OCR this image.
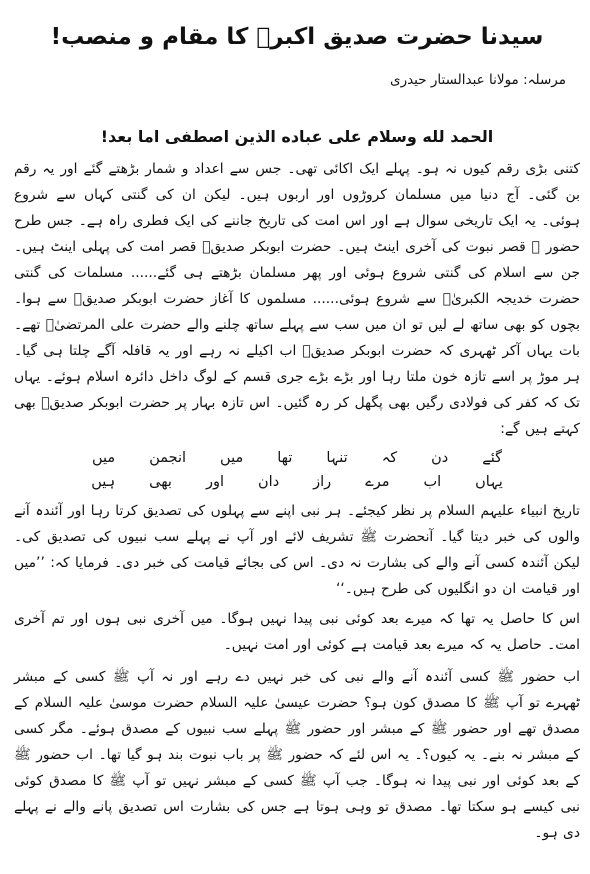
سیدنا حضرت صدیق اکبرؓ کا مقام و منصب!
مرسلہ: مولانا عبدالستار حیدری
الحمد لله وسلام على عباده الذين اصطفى اما بعد!

کتنی بڑی رقم کیوں نہ ہو۔ پہلے ایک اکائی تھی۔ جس سے اعداد و شمار بڑھتے گئے اور یہ رقم بن گئی۔ آج دنیا میں مسلمان کروڑوں اور اربوں ہیں۔ لیکن ان کی گنتی کہاں سے شروع ہوئی۔ یہ ایک تاریخی سوال ہے اور اس امت کی تاریخ جاننے کی ایک فطری راہ ہے۔ جس طرح حضور ﷺ قصر نبوت کی آخری اینٹ ہیں۔ حضرت ابوبکر صدیقؓ قصر امت کی پہلی اینٹ ہیں۔ جن سے اسلام کی گنتی شروع ہوئی اور پھر مسلمان بڑھتے ہی گئے...... مسلمات کی گنتی حضرت خدیجہ الکبریٰؓ سے شروع ہوئی...... مسلموں کا آغاز حضرت ابوبکر صدیقؓ سے ہوا۔ بچوں کو بھی ساتھ لے لیں تو ان میں سب سے پہلے ساتھ چلنے والے حضرت علی المرتضیٰؓ تھے۔ بات یہاں آکر ٹھہری کہ حضرت ابوبکر صدیقؓ اب اکیلے نہ رہے اور یہ قافلہ آگے چلتا ہی گیا۔ ہر موڑ پر اسے تازہ خون ملتا رہا اور بڑے بڑے جری قسم کے لوگ داخل دائرہ اسلام ہوئے۔ یہاں تک کہ کفر کی فولادی رگیں بھی پگھل کر رہ گئیں۔ اس تازہ بہار پر حضرت ابوبکر صدیقؓ بھی کہتے ہیں گے:

گئے
دن
کہ
تنہا
تھا
میں
انجمن
میں
یہاں
اب
مرے
راز
دان
اور
بھی
ہیں

تاریخ انبیاء علیہم السلام پر نظر کیجئے۔ ہر نبی اپنے سے پہلوں کی تصدیق کرتا رہا اور آئندہ آنے والوں کی خبر دیتا گیا۔ آنحضرت ﷺ تشریف لائے اور آپ نے پہلے سب نبیوں کی تصدیق کی۔ لیکن آئندہ کسی آنے والے کی بشارت نہ دی۔ اس کی بجائے قیامت کی خبر دی۔ فرمایا کہ: ’’میں اور قیامت ان دو انگلیوں کی طرح ہیں۔‘‘

اس کا حاصل یہ تھا کہ میرے بعد کوئی نبی پیدا نہیں ہوگا۔ میں آخری نبی ہوں اور تم آخری امت۔ حاصل یہ کہ میرے بعد قیامت ہے کوئی اور امت نہیں۔

اب حضور ﷺ کسی آئندہ آنے والے نبی کی خبر نہیں دے رہے اور نہ آپ ﷺ کسی کے مبشر ٹھہرے تو آپ ﷺ کا مصدق کون ہو؟ حضرت عیسیٰ علیہ السلام حضرت موسیٰ علیہ السلام کے مصدق تھے اور حضور ﷺ کے مبشر اور حضور ﷺ پہلے سب نبیوں کے مصدق ہوئے۔ مگر کسی کے مبشر نہ بنے۔ یہ کیوں؟۔ یہ اس لئے کہ حضور ﷺ پر باب نبوت بند ہو گیا تھا۔ اب حضور ﷺ کے بعد کوئی اور نبی پیدا نہ ہوگا۔ جب آپ ﷺ کسی کے مبشر نہیں تو آپ ﷺ کا مصدق کوئی نبی کیسے ہو سکتا تھا۔ مصدق تو وہی ہوتا ہے جس کی بشارت اس تصدیق پانے والے نے پہلے دی ہو۔
